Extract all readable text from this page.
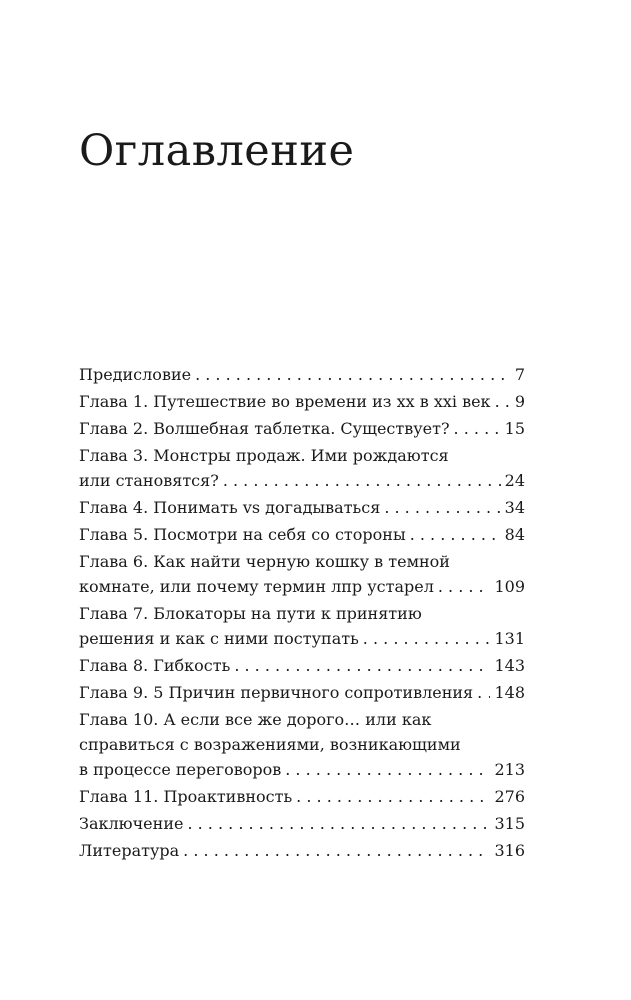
Оглавление
Предисловие . . .	7
Глава 1. Путешествие во времени из xx в xxi век . . . 9
Глава 2. Волшебная таблетка. Существует? . . .	15
Глава 3. Монстры продаж. Ими рождаются
или становятся? . . .	24
Глава 4. Понимать vs догадываться . . .	34
Глава 5. Посмотри на себя со стороны . . .	84
Глава 6. Как найти черную кошку в темной
комнате, или почему термин лпр устарел . . .	109
Глава 7. Блокаторы на пути к принятию
решения и как с ними поступать . . .	131
Глава 8. Гибкость . . .	143
Глава 9. 5 Причин первичного сопротивления . . . 148
Глава 10. А если все же дорого… или как
справиться с возражениями, возникающими
в процессе переговоров . . .	213
Глава 11. Проактивность . . .	276
Заключение . . .	315
Литература . . .	316
